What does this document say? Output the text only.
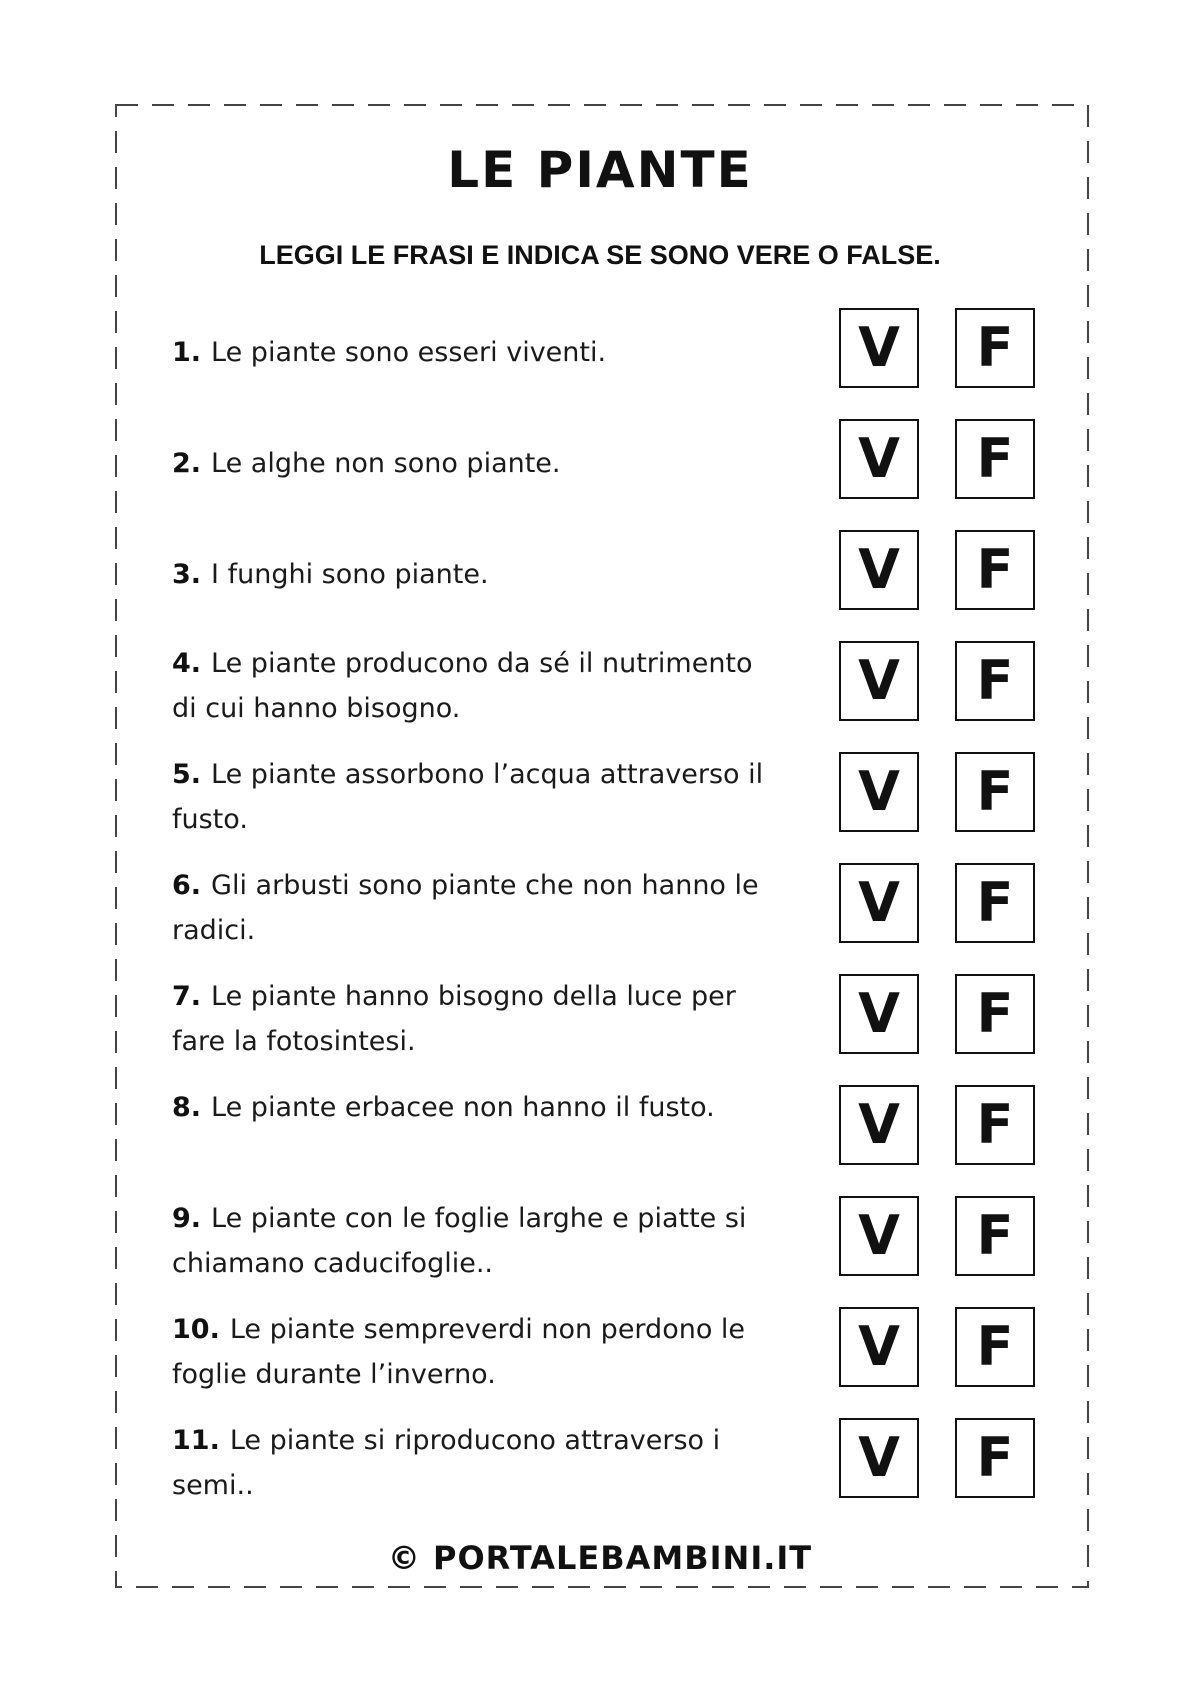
LE PIANTE
LEGGI LE FRASI E INDICA SE SONO VERE O FALSE.
1. Le piante sono esseri viventi.	V	F
2. Le alghe non sono piante.	V	F
3. I funghi sono piante.	V	F
4. Le piante producono da sé il nutrimento di cui hanno bisogno.	V	F
5. Le piante assorbono l’acqua attraverso il fusto.	V	F
6. Gli arbusti sono piante che non hanno le radici.	V	F
7. Le piante hanno bisogno della luce per fare la fotosintesi.	V	F
8. Le piante erbacee non hanno il fusto.	V	F
9. Le piante con le foglie larghe e piatte si chiamano caducifoglie..	V	F
10. Le piante sempreverdi non perdono le foglie durante l’inverno.	V	F
11. Le piante si riproducono attraverso i semi..	V	F
© PORTALEBAMBINI.IT
